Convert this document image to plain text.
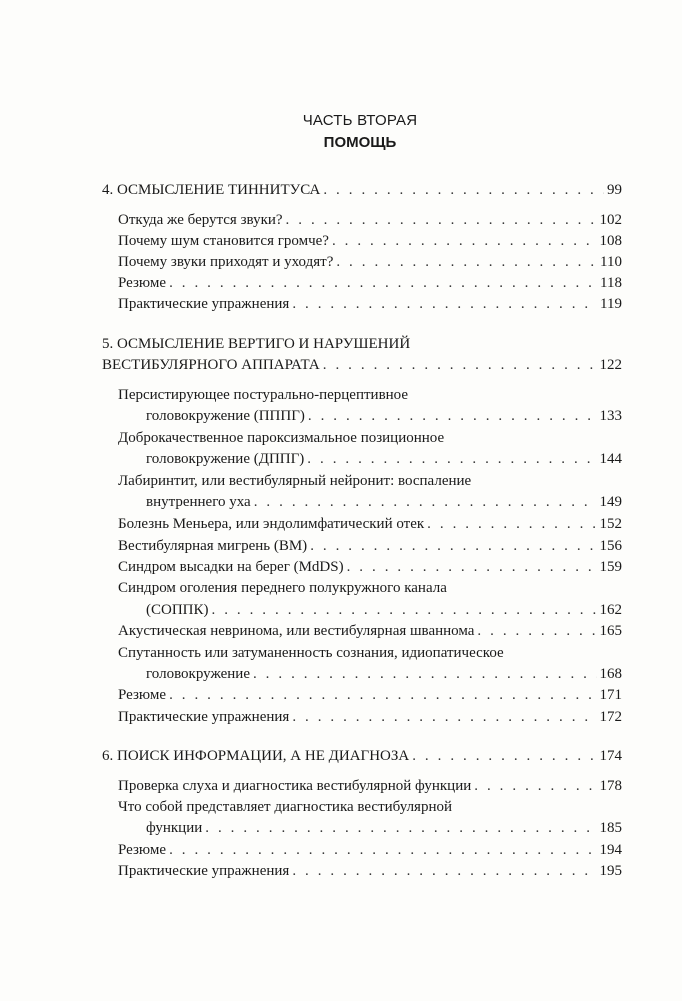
ЧАСТЬ ВТОРАЯ
ПОМОЩЬ
4. ОСМЫСЛЕНИЕ ТИННИТУСА . . .	99
Откуда же берутся звуки? . . .	102
Почему шум становится громче? . . .	108
Почему звуки приходят и уходят? . . .	110
Резюме . . .	118
Практические упражнения . . .	119
5. ОСМЫСЛЕНИЕ ВЕРТИГО И НАРУШЕНИЙ
ВЕСТИБУЛЯРНОГО АППАРАТА . . .	122
Персистирующее постурально-перцептивное
головокружение (ПППГ) . . .	133
Доброкачественное пароксизмальное позиционное
головокружение (ДППГ) . . .	144
Лабиринтит, или вестибулярный нейронит: воспаление
внутреннего уха . . .	149
Болезнь Меньера, или эндолимфатический отек . . .	152
Вестибулярная мигрень (ВМ) . . .	156
Синдром высадки на берег (MdDS) . . .	159
Синдром оголения переднего полукружного канала
(СОППК) . . .	162
Акустическая невринома, или вестибулярная шваннома . . .	165
Спутанность или затуманенность сознания, идиопатическое
головокружение . . .	168
Резюме . . .	171
Практические упражнения . . .	172
6. ПОИСК ИНФОРМАЦИИ, А НЕ ДИАГНОЗА . . .	174
Проверка слуха и диагностика вестибулярной функции . . .	178
Что собой представляет диагностика вестибулярной
функции . . .	185
Резюме . . .	194
Практические упражнения . . .	195
